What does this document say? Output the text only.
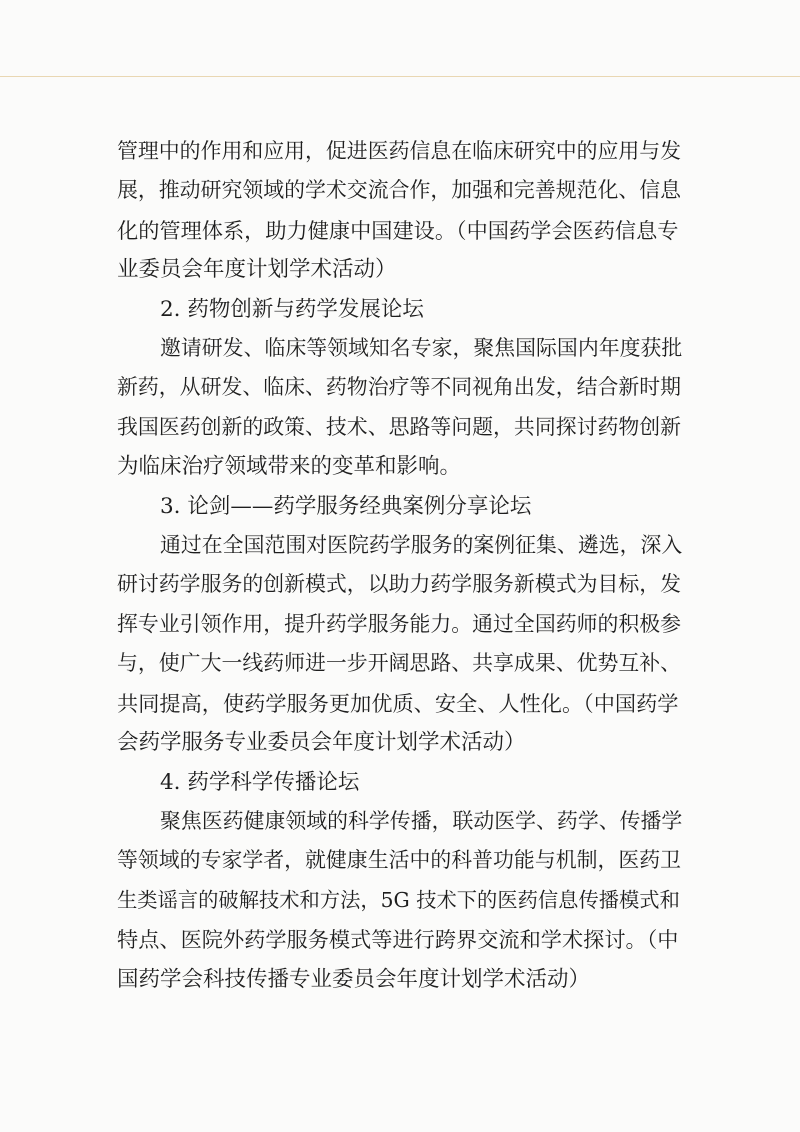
管理中的作用和应用，促进医药信息在临床研究中的应用与发
展，推动研究领域的学术交流合作，加强和完善规范化、信息
化的管理体系，助力健康中国建设。（中国药学会医药信息专
业委员会年度计划学术活动）

2. 药物创新与药学发展论坛

邀请研发、临床等领域知名专家，聚焦国际国内年度获批
新药，从研发、临床、药物治疗等不同视角出发，结合新时期
我国医药创新的政策、技术、思路等问题，共同探讨药物创新
为临床治疗领域带来的变革和影响。

3. 论剑——药学服务经典案例分享论坛

通过在全国范围对医院药学服务的案例征集、遴选，深入
研讨药学服务的创新模式，以助力药学服务新模式为目标，发
挥专业引领作用，提升药学服务能力。通过全国药师的积极参
与，使广大一线药师进一步开阔思路、共享成果、优势互补、
共同提高，使药学服务更加优质、安全、人性化。（中国药学
会药学服务专业委员会年度计划学术活动）

4. 药学科学传播论坛

聚焦医药健康领域的科学传播，联动医学、药学、传播学
等领域的专家学者，就健康生活中的科普功能与机制，医药卫
生类谣言的破解技术和方法，5G 技术下的医药信息传播模式和
特点、医院外药学服务模式等进行跨界交流和学术探讨。（中
国药学会科技传播专业委员会年度计划学术活动）
